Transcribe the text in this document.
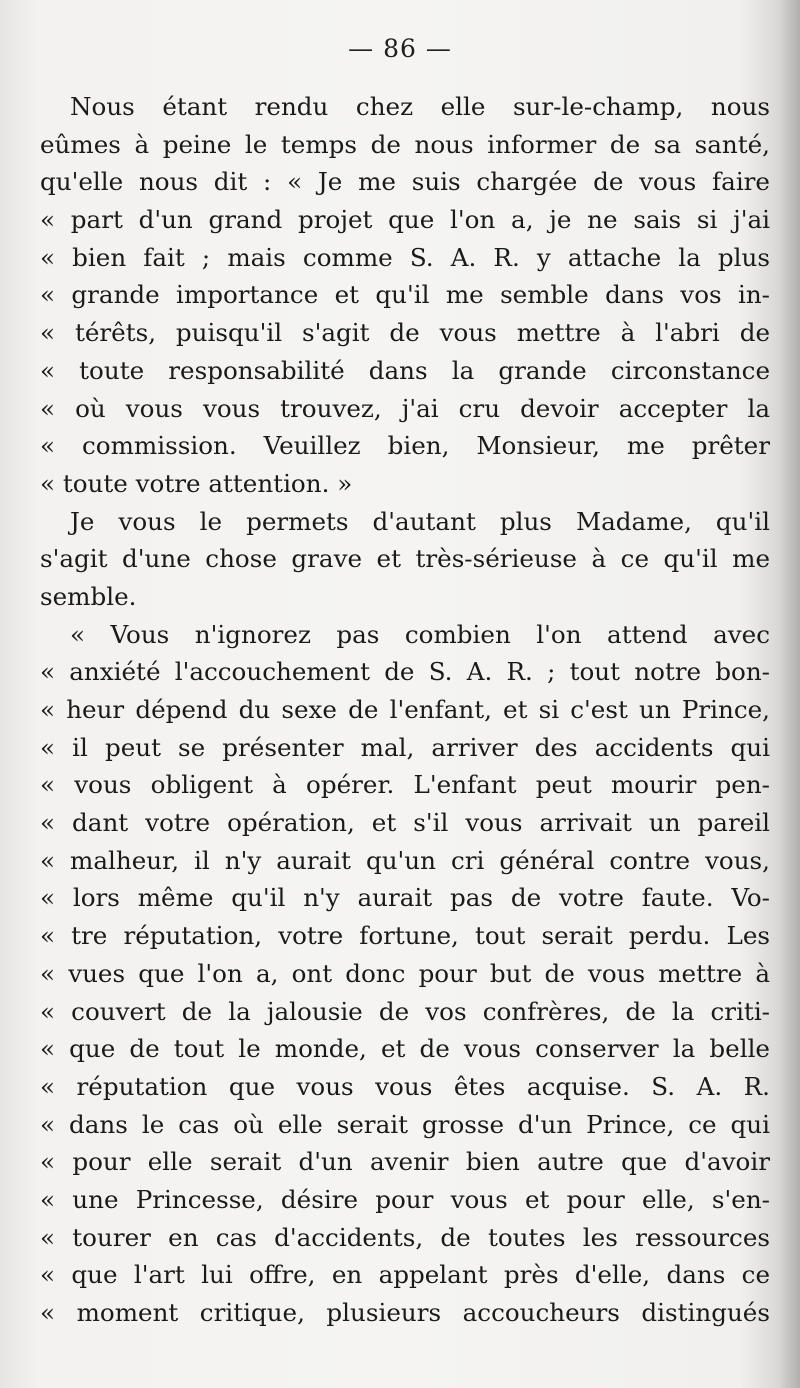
— 86 —
Nous étant rendu chez elle sur-le-champ, nous
eûmes à peine le temps de nous informer de sa santé,
qu'elle nous dit : « Je me suis chargée de vous faire
« part d'un grand projet que l'on a, je ne sais si j'ai
« bien fait ; mais comme S. A. R. y attache la plus
« grande importance et qu'il me semble dans vos in-
« térêts, puisqu'il s'agit de vous mettre à l'abri de
« toute responsabilité dans la grande circonstance
« où vous vous trouvez, j'ai cru devoir accepter la
« commission. Veuillez bien, Monsieur, me prêter
« toute votre attention. »
Je vous le permets d'autant plus Madame, qu'il
s'agit d'une chose grave et très-sérieuse à ce qu'il me
semble.
« Vous n'ignorez pas combien l'on attend avec
« anxiété l'accouchement de S. A. R. ; tout notre bon-
« heur dépend du sexe de l'enfant, et si c'est un Prince,
« il peut se présenter mal, arriver des accidents qui
« vous obligent à opérer. L'enfant peut mourir pen-
« dant votre opération, et s'il vous arrivait un pareil
« malheur, il n'y aurait qu'un cri général contre vous,
« lors même qu'il n'y aurait pas de votre faute. Vo-
« tre réputation, votre fortune, tout serait perdu. Les
« vues que l'on a, ont donc pour but de vous mettre à
« couvert de la jalousie de vos confrères, de la criti-
« que de tout le monde, et de vous conserver la belle
« réputation que vous vous êtes acquise. S. A. R.
« dans le cas où elle serait grosse d'un Prince, ce qui
« pour elle serait d'un avenir bien autre que d'avoir
« une Princesse, désire pour vous et pour elle, s'en-
« tourer en cas d'accidents, de toutes les ressources
« que l'art lui offre, en appelant près d'elle, dans ce
« moment critique, plusieurs accoucheurs distingués
